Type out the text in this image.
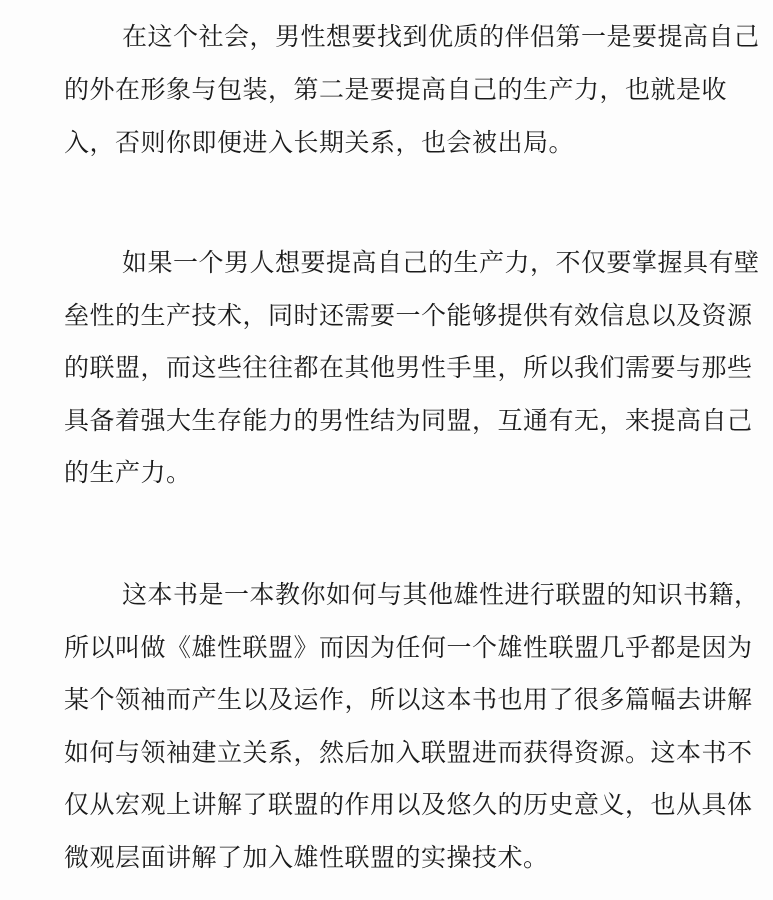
在这个社会，男性想要找到优质的伴侣第一是要提高自己
的外在形象与包装，第二是要提高自己的生产力，也就是收
入，否则你即便进入长期关系，也会被出局。
如果一个男人想要提高自己的生产力，不仅要掌握具有壁
垒性的生产技术，同时还需要一个能够提供有效信息以及资源
的联盟，而这些往往都在其他男性手里，所以我们需要与那些
具备着强大生存能力的男性结为同盟，互通有无，来提高自己
的生产力。
这本书是一本教你如何与其他雄性进行联盟的知识书籍，
所以叫做《雄性联盟》而因为任何一个雄性联盟几乎都是因为
某个领袖而产生以及运作，所以这本书也用了很多篇幅去讲解
如何与领袖建立关系，然后加入联盟进而获得资源。这本书不
仅从宏观上讲解了联盟的作用以及悠久的历史意义，也从具体
微观层面讲解了加入雄性联盟的实操技术。
